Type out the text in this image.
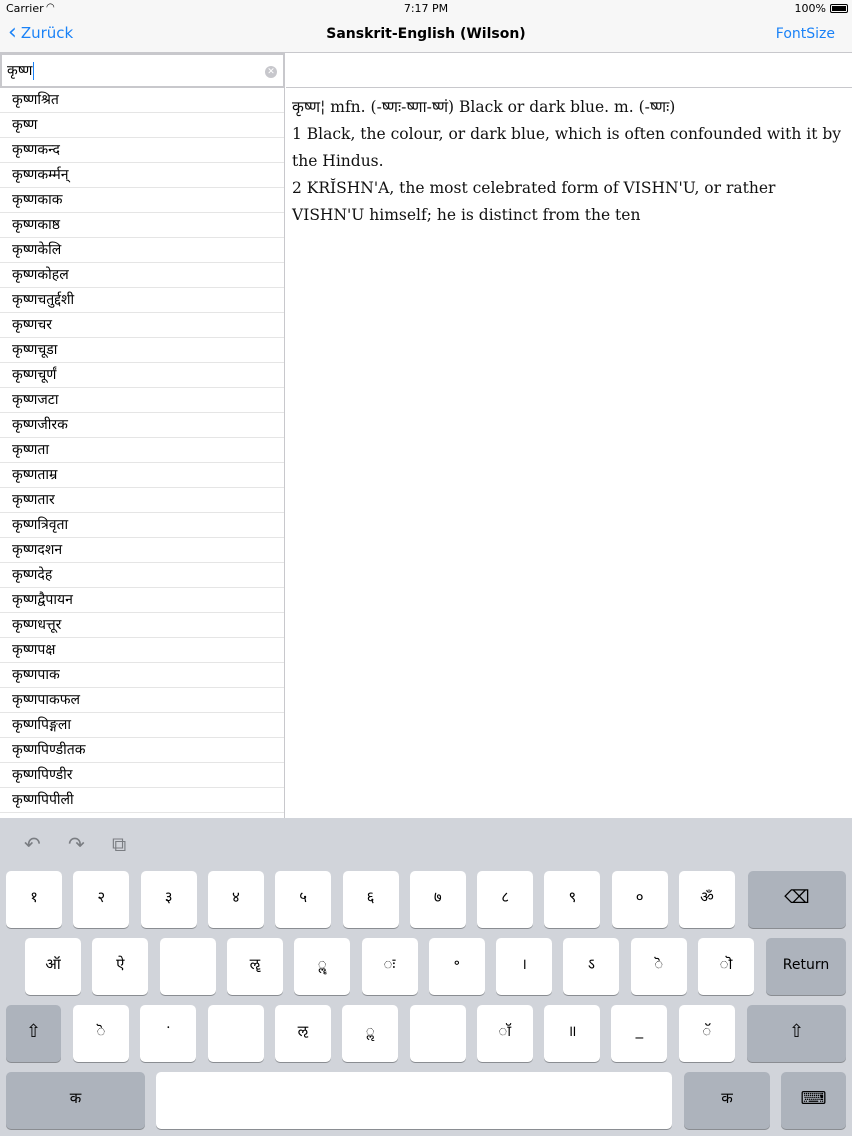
Carrier ◠	7:17 PM	100%
‹ Zurück	Sanskrit-English (Wilson)	FontSize
कृष्ण	✕
कृष्णश्रित
कृष्ण
कृष्णकन्द
कृष्णकर्म्मन्
कृष्णकाक
कृष्णकाष्ठ
कृष्णकेलि
कृष्णकोहल
कृष्णचतुर्द्दशी
कृष्णचर
कृष्णचूडा
कृष्णचूर्णं
कृष्णजटा
कृष्णजीरक
कृष्णता
कृष्णताम्र
कृष्णतार
कृष्णत्रिवृता
कृष्णदशन
कृष्णदेह
कृष्णद्वैपायन
कृष्णधत्तूर
कृष्णपक्ष
कृष्णपाक
कृष्णपाकफल
कृष्णपिङ्गला
कृष्णपिण्डीतक
कृष्णपिण्डीर
कृष्णपिपीली

कृष्ण¦ mfn. (-ष्णः-ष्णा-ष्णं) Black or dark blue. m. (-ष्णः)

1 Black, the colour, or dark blue, which is often confounded with it by the Hindus.

2 KRĬSHN'A, the most celebrated form of VISHN'U, or rather VISHN'U himself; he is distinct from the ten

↶ ↷ ⧉
१	२	३	४	५	६	७	८	९	०	ॐ	⌫
ऑ	ऐ	ॡ	ॣ	ः	॰	।	ऽ	ॆ	ॊ	Return
⇧	ॆ	ॱ	ऌ	ॢ	ॉ	॥	_	ॅ	⇧
क	क	⌨
